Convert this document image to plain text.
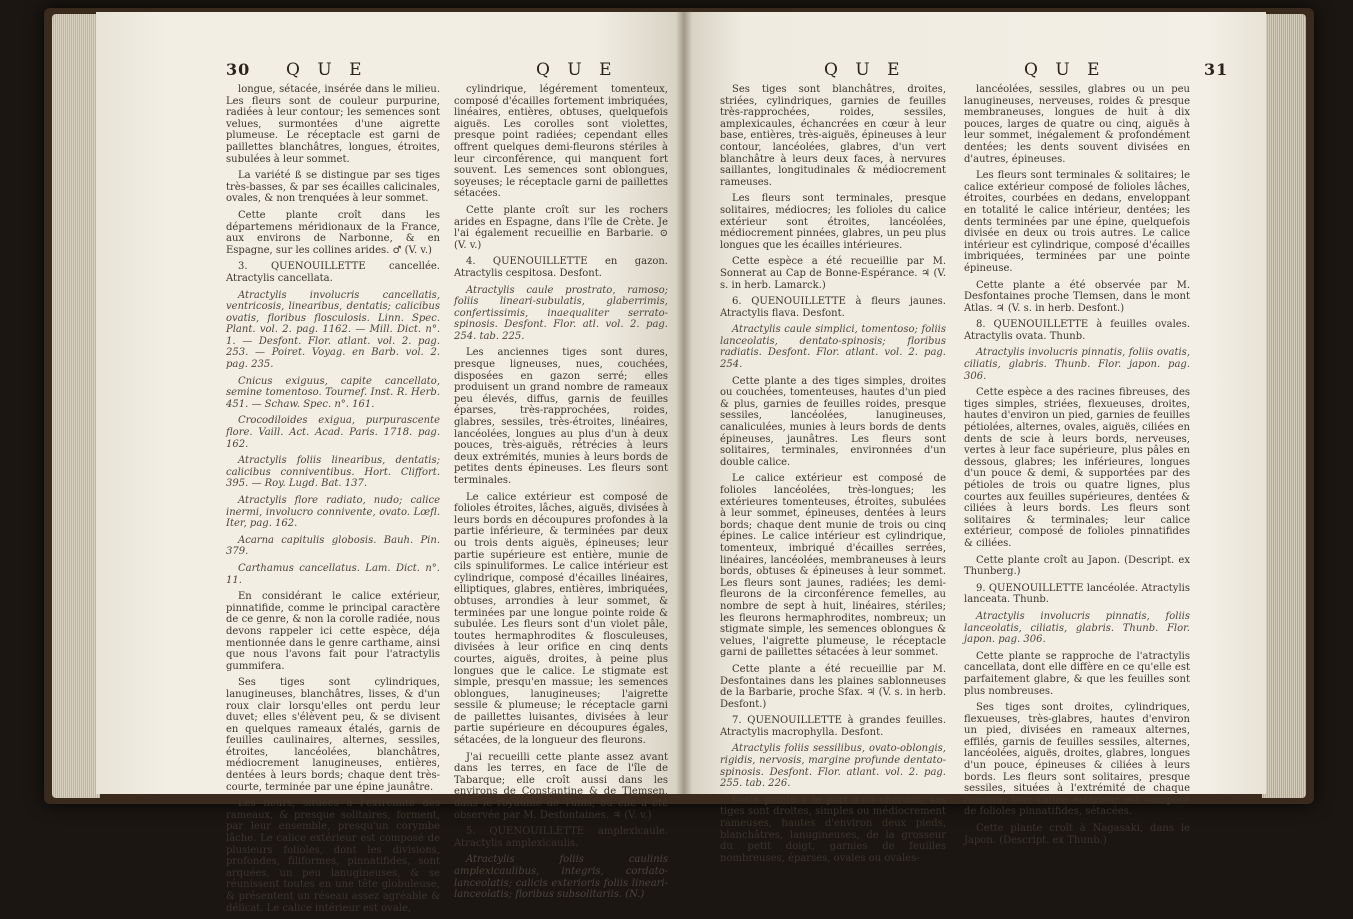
30 Q U E	Q U E

longue, sétacée, insérée dans le milieu. Les fleurs sont de couleur purpurine, radiées à leur contour; les semences sont velues, surmontées d'une aigrette plumeuse. Le réceptacle est garni de paillettes blanchâtres, longues, étroites, subulées à leur sommet.

La variété ß se distingue par ses tiges très-basses, & par ses écailles calicinales, ovales, & non trenquées à leur sommet.

Cette plante croît dans les départemens méridionaux de la France, aux environs de Narbonne, & en Espagne, sur les collines arides. ♂ (V. v.)

3. QUENOUILLETTE cancellée. Atractylis cancellata.

Atractylis involucris cancellatis, ventricosis, linearibus, dentatis; calicibus ovatis, floribus flosculosis. Linn. Spec. Plant. vol. 2. pag. 1162. — Mill. Dict. n°. 1. — Desfont. Flor. atlant. vol. 2. pag. 253. — Poiret. Voyag. en Barb. vol. 2. pag. 235.

Cnicus exiguus, capite cancellato, semine tomentoso. Tournef. Inst. R. Herb. 451. — Schaw. Spec. n°. 161.

Crocodiloides exigua, purpurascente flore. Vaill. Act. Acad. Paris. 1718. pag. 162.

Atractylis foliis linearibus, dentatis; calicibus conniventibus. Hort. Cliffort. 395. — Roy. Lugd. Bat. 137.

Atractylis flore radiato, nudo; calice inermi, involucro connivente, ovato. Lœfl. Iter, pag. 162.

Acarna capitulis globosis. Bauh. Pin. 379.

Carthamus cancellatus. Lam. Dict. n°. 11.

En considérant le calice extérieur, pinnatifide, comme le principal caractère de ce genre, & non la corolle radiée, nous devons rappeler ici cette espèce, déja mentionnée dans le genre carthame, ainsi que nous l'avons fait pour l'atractylis gummifera.

Ses tiges sont cylindriques, lanugineuses, blanchâtres, lisses, & d'un roux clair lorsqu'elles ont perdu leur duvet; elles s'élèvent peu, & se divisent en quelques rameaux étalés, garnis de feuilles caulinaires, alternes, sessiles, étroites, lancéolées, blanchâtres, médiocrement lanugineuses, entières, dentées à leurs bords; chaque dent très-courte, terminée par une épine jaunâtre.

Les fleurs, situées à l'extrémité des rameaux, & presque solitaires, forment, par leur ensemble, presqu'un corymbe lâche. Le calice extérieur est composé de plusieurs folioles, dont les divisions, profondes, filiformes, pinnatifides, sont arquées, un peu lanugineuses, & se réunissent toutes en une tête globuleuse, & présentent un réseau assez agréable & délicat. Le calice intérieur est ovale,

cylindrique, légérement tomenteux, composé d'écailles fortement imbriquées, linéaires, entières, obtuses, quelquefois aiguës. Les corolles sont violettes, presque point radiées; cependant elles offrent quelques demi-fleurons stériles à leur circonférence, qui manquent fort souvent. Les semences sont oblongues, soyeuses; le réceptacle garni de paillettes sétacées.

Cette plante croît sur les rochers arides en Espagne, dans l'île de Crète. Je l'ai également recueillie en Barbarie. ⊙ (V. v.)

4. QUENOUILLETTE en gazon. Atractylis cespitosa. Desfont.

Atractylis caule prostrato, ramoso; foliis lineari-subulatis, glaberrimis, confertissimis, inaequaliter serrato-spinosis. Desfont. Flor. atl. vol. 2. pag. 254. tab. 225.

Les anciennes tiges sont dures, presque ligneuses, nues, couchées, disposées en gazon serré; elles produisent un grand nombre de rameaux peu élevés, diffus, garnis de feuilles éparses, très-rapprochées, roides, glabres, sessiles, très-étroites, linéaires, lancéolées, longues au plus d'un à deux pouces, très-aiguës, rétrécies à leurs deux extrémités, munies à leurs bords de petites dents épineuses. Les fleurs sont terminales.

Le calice extérieur est composé de folioles étroites, lâches, aiguës, divisées à leurs bords en découpures profondes à la partie inférieure, & terminées par deux ou trois dents aiguës, épineuses; leur partie supérieure est entière, munie de cils spinuliformes. Le calice intérieur est cylindrique, composé d'écailles linéaires, elliptiques, glabres, entières, imbriquées, obtuses, arrondies à leur sommet, & terminées par une longue pointe roide & subulée. Les fleurs sont d'un violet pâle, toutes hermaphrodites & flosculeuses, divisées à leur orifice en cinq dents courtes, aiguës, droites, à peine plus longues que le calice. Le stigmate est simple, presqu'en massue; les semences oblongues, lanugineuses; l'aigrette sessile & plumeuse; le réceptacle garni de paillettes luisantes, divisées à leur partie supérieure en découpures égales, sétacées, de la longueur des fleurons.

J'ai recueilli cette plante assez avant dans les terres, en face de l'île de Tabarque; elle croît aussi dans les environs de Constantine & de Tlemsen, dans le royaume de Tunis, où elle a été observée par M. Desfontaines. ♃ (V. v.)

5. QUENOUILLETTE amplexicaule. Atractylis amplexicaulis.

Atractylis foliis caulinis amplexicaulibus, integris, cordato-lanceolatis; calicis exterioris foliis lineari-lanceolatis; floribus subsolitariis. (N.)

Q U E	Q U E	31

Ses tiges sont blanchâtres, droites, striées, cylindriques, garnies de feuilles très-rapprochées, roides, sessiles, amplexicaules, échancrées en cœur à leur base, entières, très-aiguës, épineuses à leur contour, lancéolées, glabres, d'un vert blanchâtre à leurs deux faces, à nervures saillantes, longitudinales & médiocrement rameuses.

Les fleurs sont terminales, presque solitaires, médiocres; les folioles du calice extérieur sont étroites, lancéolées, médiocrement pinnées, glabres, un peu plus longues que les écailles intérieures.

Cette espèce a été recueillie par M. Sonnerat au Cap de Bonne-Espérance. ♃ (V. s. in herb. Lamarck.)

6. QUENOUILLETTE à fleurs jaunes. Atractylis flava. Desfont.

Atractylis caule simplici, tomentoso; foliis lanceolatis, dentato-spinosis; floribus radiatis. Desfont. Flor. atlant. vol. 2. pag. 254.

Cette plante a des tiges simples, droites ou couchées, tomenteuses, hautes d'un pied & plus, garnies de feuilles roides, presque sessiles, lancéolées, lanugineuses, canaliculées, munies à leurs bords de dents épineuses, jaunâtres. Les fleurs sont solitaires, terminales, environnées d'un double calice.

Le calice extérieur est composé de folioles lancéolées, très-longues; les extérieures tomenteuses, étroites, subulées à leur sommet, épineuses, dentées à leurs bords; chaque dent munie de trois ou cinq épines. Le calice intérieur est cylindrique, tomenteux, imbriqué d'écailles serrées, linéaires, lancéolées, membraneuses à leurs bords, obtuses & épineuses à leur sommet. Les fleurs sont jaunes, radiées; les demi-fleurons de la circonférence femelles, au nombre de sept à huit, linéaires, stériles; les fleurons hermaphrodites, nombreux; un stigmate simple, les semences oblongues & velues, l'aigrette plumeuse, le réceptacle garni de paillettes sétacées à leur sommet.

Cette plante a été recueillie par M. Desfontaines dans les plaines sablonneuses de la Barbarie, proche Sfax. ♃ (V. s. in herb. Desfont.)

7. QUENOUILLETTE à grandes feuilles. Atractylis macrophylla. Desfont.

Atractylis foliis sessilibus, ovato-oblongis, rigidis, nervosis, margine profunde dentato-spinosis. Desfont. Flor. atlant. vol. 2. pag. 255. tab. 226.

Cette plante a le port d'un chardon: ses tiges sont droites, simples ou médiocrement rameuses, hautes d'environ deux pieds, blanchâtres, lanugineuses, de la grosseur du petit doigt, garnies de feuilles nombreuses, éparses, ovales ou ovales-

lancéolées, sessiles, glabres ou un peu lanugineuses, nerveuses, roides & presque membraneuses, longues de huit à dix pouces, larges de quatre ou cinq, aiguës à leur sommet, inégalement & profondément dentées; les dents souvent divisées en d'autres, épineuses.

Les fleurs sont terminales & solitaires; le calice extérieur composé de folioles lâches, étroites, courbées en dedans, enveloppant en totalité le calice intérieur, dentées; les dents terminées par une épine, quelquefois divisée en deux ou trois autres. Le calice intérieur est cylindrique, composé d'écailles imbriquées, terminées par une pointe épineuse.

Cette plante a été observée par M. Desfontaines proche Tlemsen, dans le mont Atlas. ♃ (V. s. in herb. Desfont.)

8. QUENOUILLETTE à feuilles ovales. Atractylis ovata. Thunb.

Atractylis involucris pinnatis, foliis ovatis, ciliatis, glabris. Thunb. Flor. japon. pag. 306.

Cette espèce a des racines fibreuses, des tiges simples, striées, flexueuses, droites, hautes d'environ un pied, garnies de feuilles pétiolées, alternes, ovales, aiguës, ciliées en dents de scie à leurs bords, nerveuses, vertes à leur face supérieure, plus pâles en dessous, glabres; les inférieures, longues d'un pouce & demi, & supportées par des pétioles de trois ou quatre lignes, plus courtes aux feuilles supérieures, dentées & ciliées à leurs bords. Les fleurs sont solitaires & terminales; leur calice extérieur, composé de folioles pinnatifides & ciliées.

Cette plante croît au Japon. (Descript. ex Thunberg.)

9. QUENOUILLETTE lancéolée. Atractylis lanceata. Thunb.

Atractylis involucris pinnatis, foliis lanceolatis, ciliatis, glabris. Thunb. Flor. japon. pag. 306.

Cette plante se rapproche de l'atractylis cancellata, dont elle diffère en ce qu'elle est parfaitement glabre, & que les feuilles sont plus nombreuses.

Ses tiges sont droites, cylindriques, flexueuses, très-glabres, hautes d'environ un pied, divisées en rameaux alternes, effilés, garnis de feuilles sessiles, alternes, lancéolées, aiguës, droites, glabres, longues d'un pouce, épineuses & ciliées à leurs bords. Les fleurs sont solitaires, presque sessiles, situées à l'extrémité de chaque rameau: leur calice extérieur est composé de folioles pinnatifides, sétacées.

Cette plante croît à Nagasaki, dans le Japon. (Descript. ex Thunb.)
